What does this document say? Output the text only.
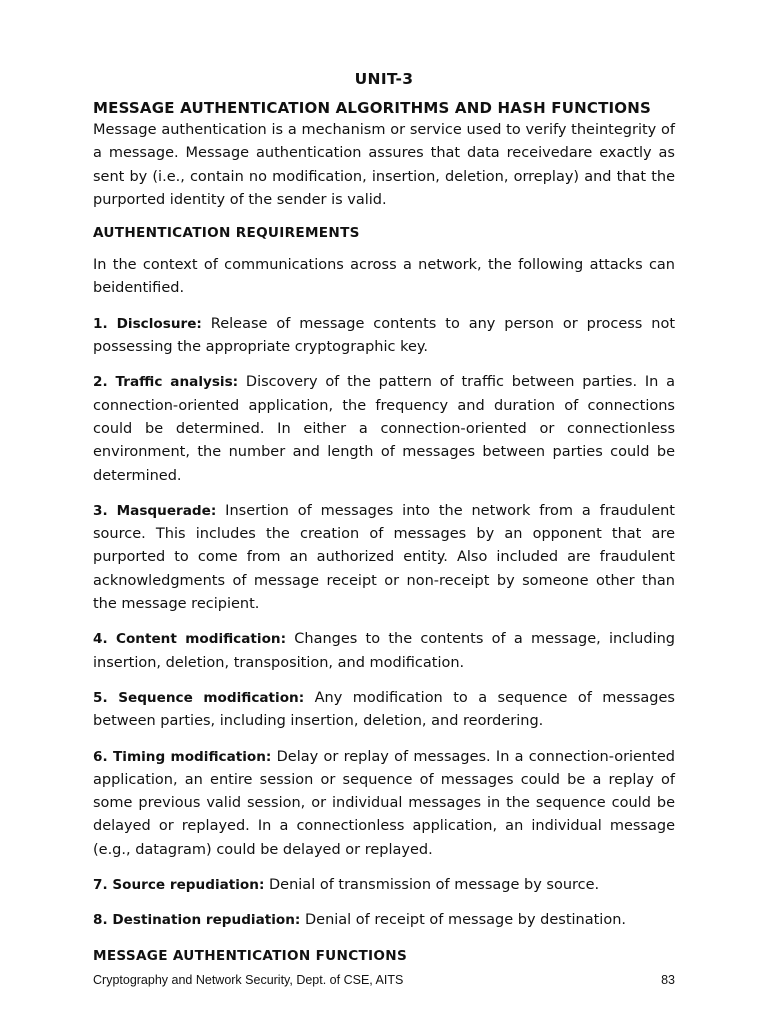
UNIT-3

MESSAGE AUTHENTICATION ALGORITHMS AND HASH FUNCTIONS

Message authentication is a mechanism or service used to verify theintegrity of a message. Message authentication assures that data receivedare exactly as sent by (i.e., contain no modification, insertion, deletion, orreplay) and that the purported identity of the sender is valid.

AUTHENTICATION REQUIREMENTS

In the context of communications across a network, the following attacks can beidentified.

1. Disclosure: Release of message contents to any person or process not possessing the appropriate cryptographic key.

2. Traffic analysis: Discovery of the pattern of traffic between parties. In a connection-oriented application, the frequency and duration of connections could be determined. In either a connection-oriented or connectionless environment, the number and length of messages between parties could be determined.

3. Masquerade: Insertion of messages into the network from a fraudulent source. This includes the creation of messages by an opponent that are purported to come from an authorized entity. Also included are fraudulent acknowledgments of message receipt or non-receipt by someone other than the message recipient.

4. Content modification: Changes to the contents of a message, including insertion, deletion, transposition, and modification.

5. Sequence modification: Any modification to a sequence of messages between parties, including insertion, deletion, and reordering.

6. Timing modification: Delay or replay of messages. In a connection-oriented application, an entire session or sequence of messages could be a replay of some previous valid session, or individual messages in the sequence could be delayed or replayed. In a connectionless application, an individual message (e.g., datagram) could be delayed or replayed.

7. Source repudiation: Denial of transmission of message by source.

8. Destination repudiation: Denial of receipt of message by destination.

MESSAGE AUTHENTICATION FUNCTIONS

Cryptography and Network Security, Dept. of CSE, AITS	83
